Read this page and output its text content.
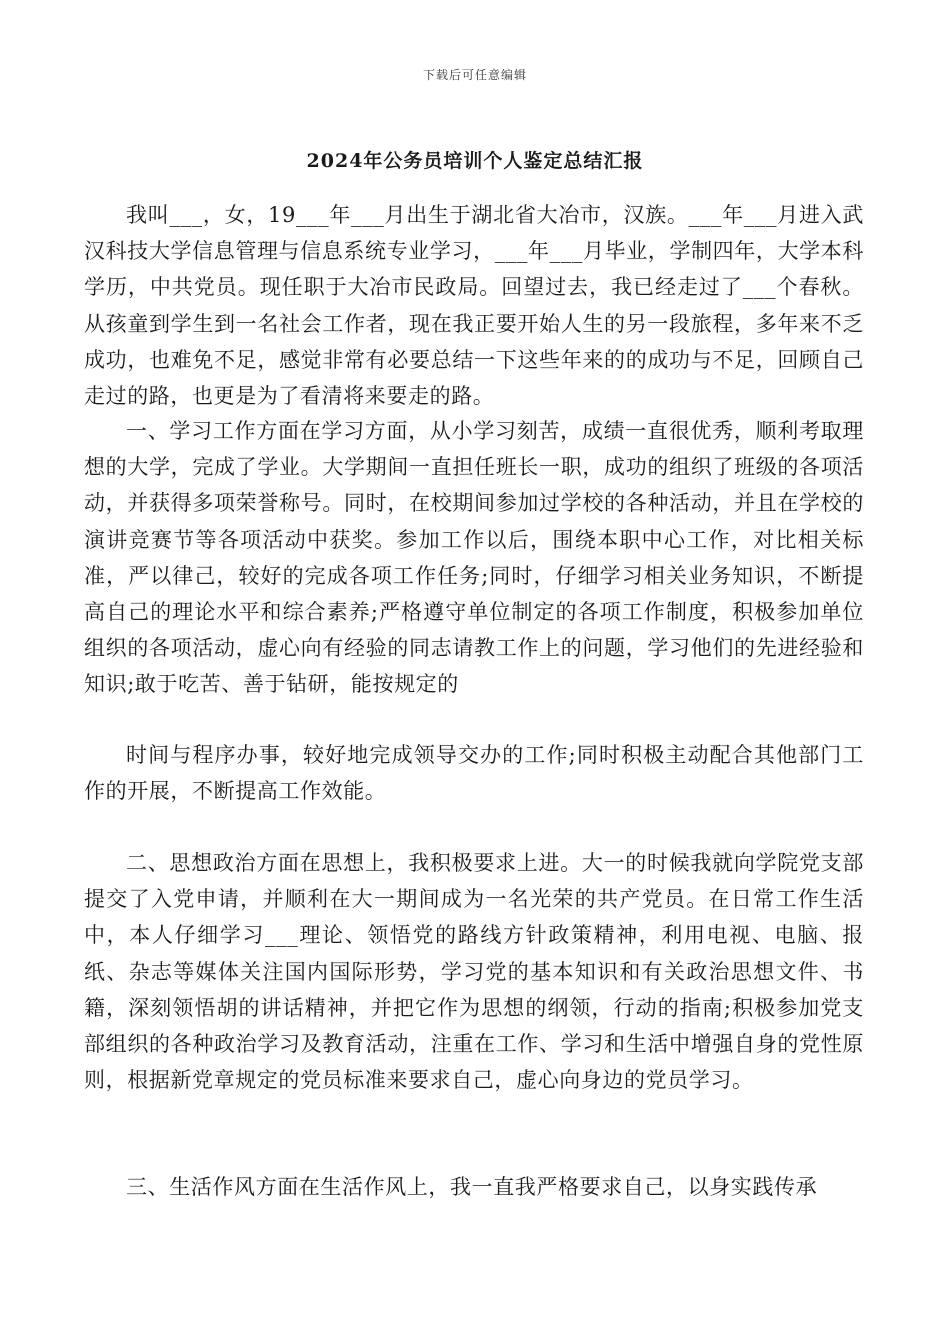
下载后可任意编辑
2024年公务员培训个人鉴定总结汇报

我叫___，女，19___年___月出生于湖北省大冶市，汉族。___年___月进入武汉科技大学信息管理与信息系统专业学习，___年___月毕业，学制四年，大学本科学历，中共党员。现任职于大冶市民政局。回望过去，我已经走过了___个春秋。从孩童到学生到一名社会工作者，现在我正要开始人生的另一段旅程，多年来不乏成功，也难免不足，感觉非常有必要总结一下这些年来的的成功与不足，回顾自己走过的路，也更是为了看清将来要走的路。

一、学习工作方面在学习方面，从小学习刻苦，成绩一直很优秀，顺利考取理想的大学，完成了学业。大学期间一直担任班长一职，成功的组织了班级的各项活动，并获得多项荣誉称号。同时，在校期间参加过学校的各种活动，并且在学校的演讲竞赛节等各项活动中获奖。参加工作以后，围绕本职中心工作，对比相关标准，严以律己，较好的完成各项工作任务;同时，仔细学习相关业务知识，不断提高自己的理论水平和综合素养;严格遵守单位制定的各项工作制度，积极参加单位组织的各项活动，虚心向有经验的同志请教工作上的问题，学习他们的先进经验和知识;敢于吃苦、善于钻研，能按规定的

时间与程序办事，较好地完成领导交办的工作;同时积极主动配合其他部门工作的开展，不断提高工作效能。

二、思想政治方面在思想上，我积极要求上进。大一的时候我就向学院党支部提交了入党申请，并顺利在大一期间成为一名光荣的共产党员。在日常工作生活中，本人仔细学习___理论、领悟党的路线方针政策精神，利用电视、电脑、报纸、杂志等媒体关注国内国际形势，学习党的基本知识和有关政治思想文件、书籍，深刻领悟胡的讲话精神，并把它作为思想的纲领，行动的指南;积极参加党支部组织的各种政治学习及教育活动，注重在工作、学习和生活中增强自身的党性原则，根据新党章规定的党员标准来要求自己，虚心向身边的党员学习。

三、生活作风方面在生活作风上，我一直我严格要求自己，以身实践传承
